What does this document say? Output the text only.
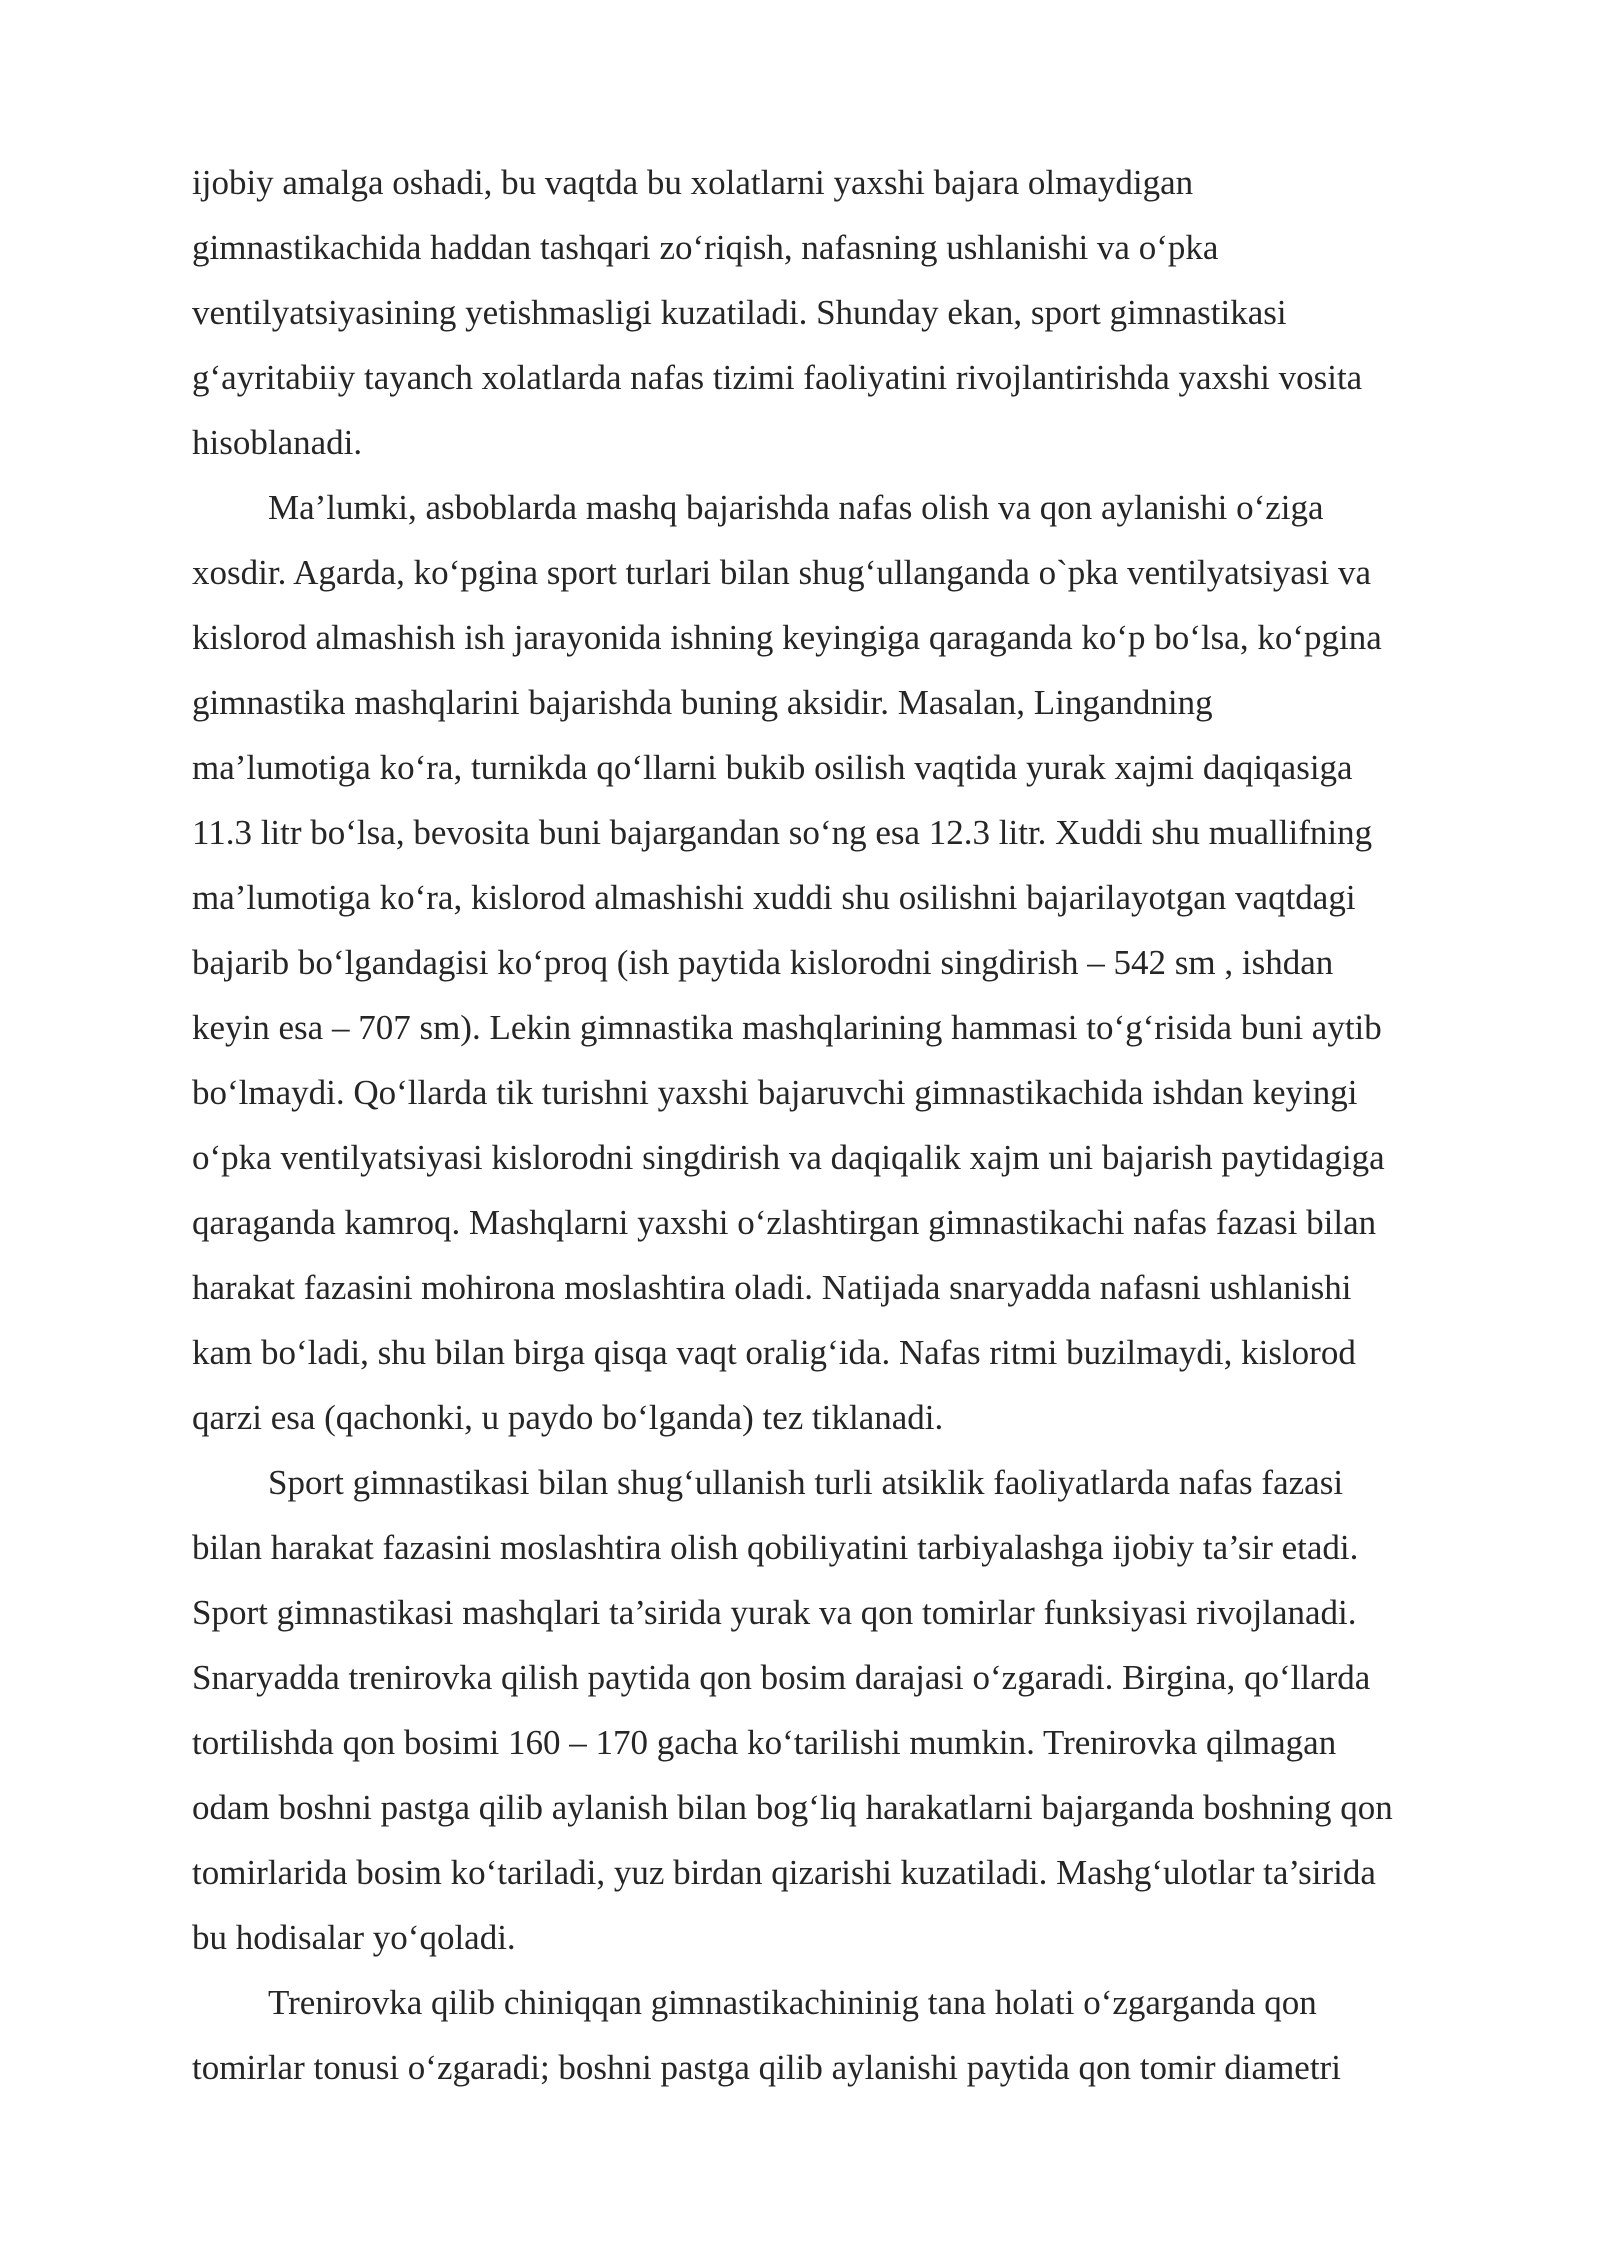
ijobiy amalga oshadi, bu vaqtda bu xolatlarni yaxshi bajara olmaydigan
gimnastikachida haddan tashqari zo‘riqish, nafasning ushlanishi va o‘pka
ventilyatsiyasining yetishmasligi kuzatiladi. Shunday ekan, sport gimnastikasi
g‘ayritabiiy tayanch xolatlarda nafas tizimi faoliyatini rivojlantirishda yaxshi vosita
hisoblanadi.
Ma’lumki, asboblarda mashq bajarishda nafas olish va qon aylanishi o‘ziga
xosdir. Agarda, ko‘pgina sport turlari bilan shug‘ullanganda o`pka ventilyatsiyasi va
kislorod almashish ish jarayonida ishning keyingiga qaraganda ko‘p bo‘lsa, ko‘pgina
gimnastika mashqlarini bajarishda buning aksidir. Masalan, Lingandning
ma’lumotiga ko‘ra, turnikda qo‘llarni bukib osilish vaqtida yurak xajmi daqiqasiga
11.3 litr bo‘lsa, bevosita buni bajargandan so‘ng esa 12.3 litr. Xuddi shu muallifning
ma’lumotiga ko‘ra, kislorod almashishi xuddi shu osilishni bajarilayotgan vaqtdagi
bajarib bo‘lgandagisi ko‘proq (ish paytida kislorodni singdirish – 542 sm , ishdan
keyin esa – 707 sm). Lekin gimnastika mashqlarining hammasi to‘g‘risida buni aytib
bo‘lmaydi. Qo‘llarda tik turishni yaxshi bajaruvchi gimnastikachida ishdan keyingi
o‘pka ventilyatsiyasi kislorodni singdirish va daqiqalik xajm uni bajarish paytidagiga
qaraganda kamroq. Mashqlarni yaxshi o‘zlashtirgan gimnastikachi nafas fazasi bilan
harakat fazasini mohirona moslashtira oladi. Natijada snaryadda nafasni ushlanishi
kam bo‘ladi, shu bilan birga qisqa vaqt oralig‘ida. Nafas ritmi buzilmaydi, kislorod
qarzi esa (qachonki, u paydo bo‘lganda) tez tiklanadi.
Sport gimnastikasi bilan shug‘ullanish turli atsiklik faoliyatlarda nafas fazasi
bilan harakat fazasini moslashtira olish qobiliyatini tarbiyalashga ijobiy ta’sir etadi.
Sport gimnastikasi mashqlari ta’sirida yurak va qon tomirlar funksiyasi rivojlanadi.
Snaryadda trenirovka qilish paytida qon bosim darajasi o‘zgaradi. Birgina, qo‘llarda
tortilishda qon bosimi 160 – 170 gacha ko‘tarilishi mumkin. Trenirovka qilmagan
odam boshni pastga qilib aylanish bilan bog‘liq harakatlarni bajarganda boshning qon
tomirlarida bosim ko‘tariladi, yuz birdan qizarishi kuzatiladi. Mashg‘ulotlar ta’sirida
bu hodisalar yo‘qoladi.
Trenirovka qilib chiniqqan gimnastikachininig tana holati o‘zgarganda qon
tomirlar tonusi o‘zgaradi; boshni pastga qilib aylanishi paytida qon tomir diametri
